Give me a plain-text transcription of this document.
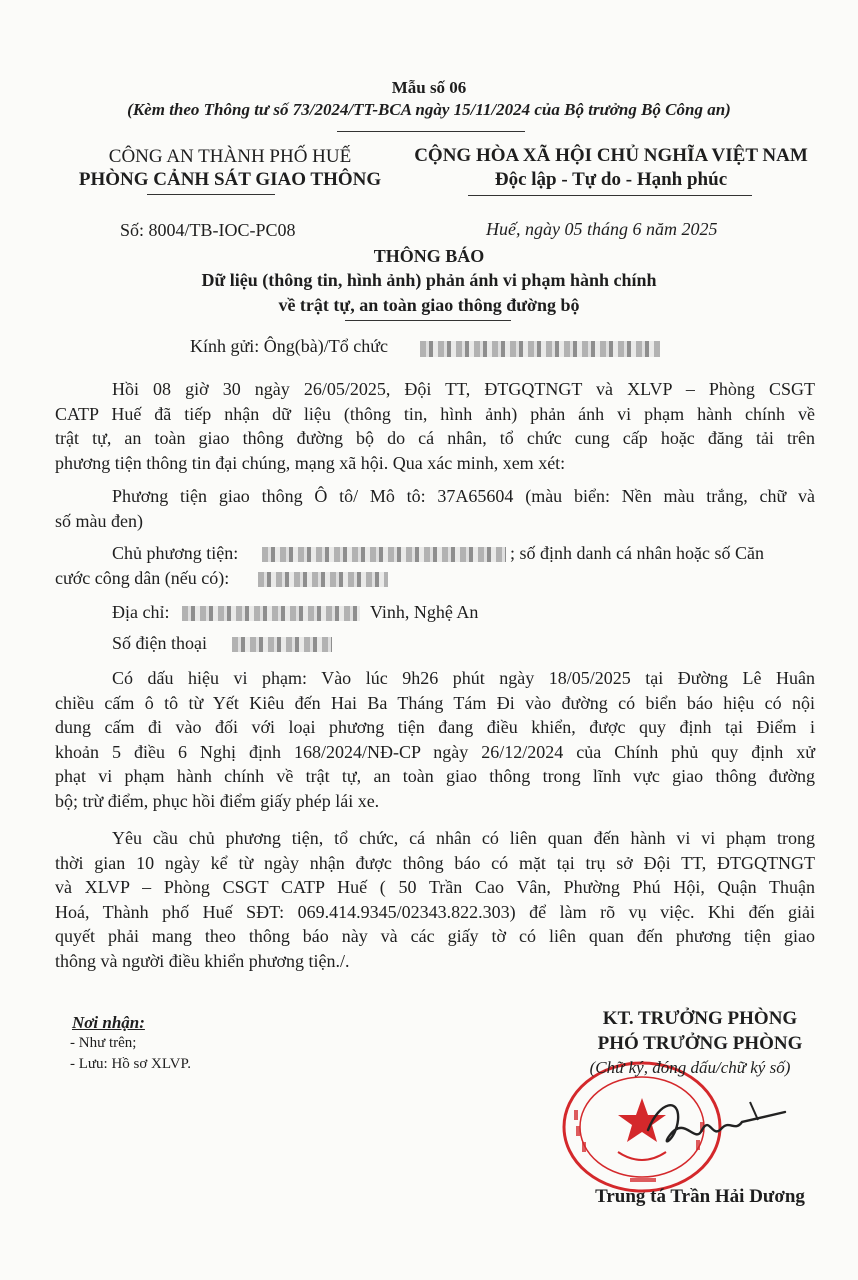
Mẫu số 06
(Kèm theo Thông tư số 73/2024/TT-BCA ngày 15/11/2024 của Bộ trưởng Bộ Công an)
CÔNG AN THÀNH PHỐ HUẾ
PHÒNG CẢNH SÁT GIAO THÔNG
CỘNG HÒA XÃ HỘI CHỦ NGHĨA VIỆT NAM
Độc lập - Tự do - Hạnh phúc
Số: 8004/TB-IOC-PC08	Huế, ngày 05 tháng 6 năm 2025
THÔNG BÁO
Dữ liệu (thông tin, hình ảnh) phản ánh vi phạm hành chính
về trật tự, an toàn giao thông đường bộ
Kính gửi: Ông(bà)/Tổ chức
Hồi 08 giờ 30 ngày 26/05/2025, Đội TT, ĐTGQTNGT và XLVP – Phòng CSGT
CATP Huế đã tiếp nhận dữ liệu (thông tin, hình ảnh) phản ánh vi phạm hành chính về
trật tự, an toàn giao thông đường bộ do cá nhân, tổ chức cung cấp hoặc đăng tải trên
phương tiện thông tin đại chúng, mạng xã hội. Qua xác minh, xem xét:
Phương tiện giao thông Ô tô/ Mô tô: 37A65604 (màu biển: Nền màu trắng, chữ và
số màu đen)
Chủ phương tiện:	; số định danh cá nhân hoặc số Căn
cước công dân (nếu có):
Địa chỉ:	Vinh, Nghệ An
Số điện thoại
Có dấu hiệu vi phạm: Vào lúc 9h26 phút ngày 18/05/2025 tại Đường Lê Huân
chiều cấm ô tô từ Yết Kiêu đến Hai Ba Tháng Tám Đi vào đường có biển báo hiệu có nội
dung cấm đi vào đối với loại phương tiện đang điều khiển, được quy định tại Điểm i
khoản 5 điều 6 Nghị định 168/2024/NĐ-CP ngày 26/12/2024 của Chính phủ quy định xử
phạt vi phạm hành chính về trật tự, an toàn giao thông trong lĩnh vực giao thông đường
bộ; trừ điểm, phục hồi điểm giấy phép lái xe.
Yêu cầu chủ phương tiện, tổ chức, cá nhân có liên quan đến hành vi vi phạm trong
thời gian 10 ngày kể từ ngày nhận được thông báo có mặt tại trụ sở Đội TT, ĐTGQTNGT
và XLVP – Phòng CSGT CATP Huế ( 50 Trần Cao Vân, Phường Phú Hội, Quận Thuận
Hoá, Thành phố Huế SĐT: 069.414.9345/02343.822.303) để làm rõ vụ việc. Khi đến giải
quyết phải mang theo thông báo này và các giấy tờ có liên quan đến phương tiện giao
thông và người điều khiển phương tiện./.
Nơi nhận:
- Như trên;
- Lưu: Hồ sơ XLVP.
KT. TRƯỞNG PHÒNG
PHÓ TRƯỞNG PHÒNG
(Chữ ký, đóng dấu/chữ ký số)
Trung tá Trần Hải Dương
